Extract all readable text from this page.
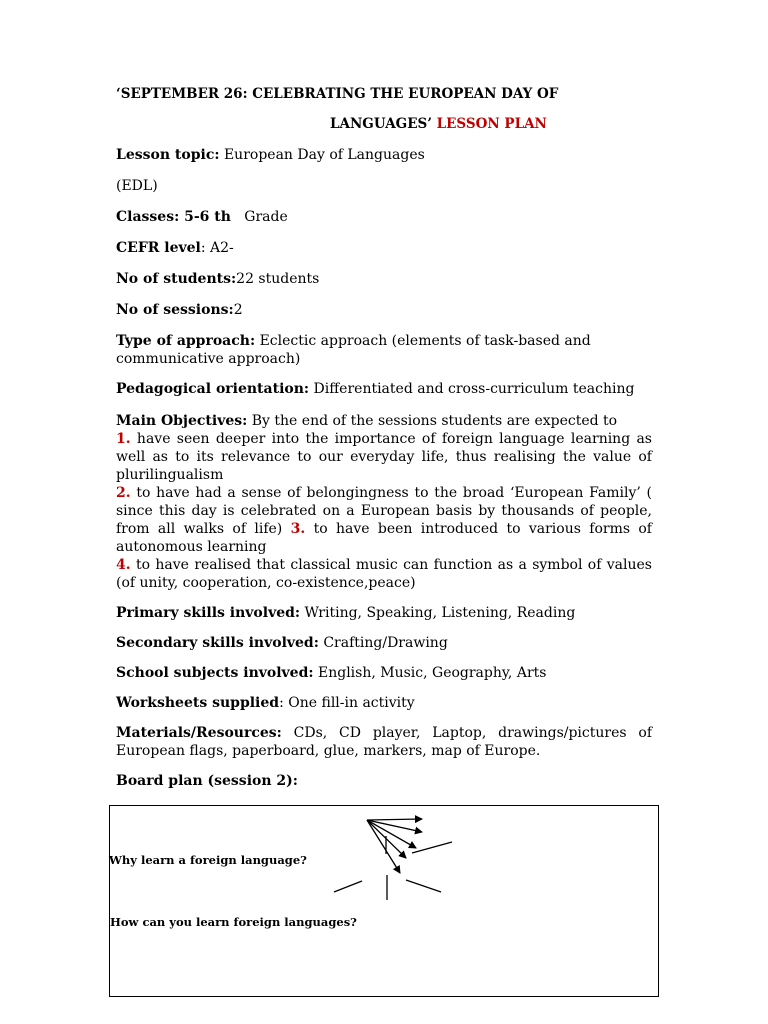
‘SEPTEMBER 26: CELEBRATING THE EUROPEAN DAY OF

LANGUAGES’ LESSON PLAN

Lesson topic: European Day of Languages

(EDL)

Classes: 5-6 th   Grade

CEFR level: A2-

No of students:22 students

No of sessions:2

Type of approach: Eclectic approach (elements of task-based and communicative approach)

Pedagogical orientation: Differentiated and cross-curriculum teaching

Main Objectives: By the end of the sessions students are expected to

1. have seen deeper into the importance of foreign language learning as well as to its relevance to our everyday life, thus realising the value of plurilingualism

2. to have had a sense of belongingness to the broad ‘European Family’ ( since this day is celebrated on a European basis by thousands of people, from all walks of life) 3. to have been introduced to various forms of autonomous learning

4. to have realised that classical music can function as a symbol of values (of unity, cooperation, co-existence,peace)

Primary skills involved: Writing, Speaking, Listening, Reading

Secondary skills involved: Crafting/Drawing

School subjects involved: English, Music, Geography, Arts

Worksheets supplied: One fill-in activity

Materials/Resources: CDs, CD player, Laptop, drawings/pictures of European flags, paperboard, glue, markers, map of Europe.

Board plan (session 2):

Why learn a foreign language?
How can you learn foreign languages?
